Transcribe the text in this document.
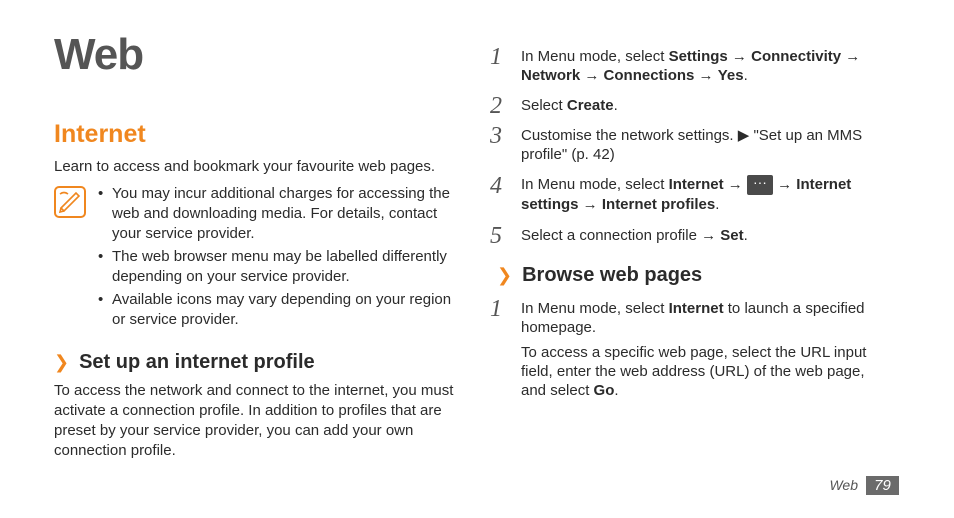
Web
Internet
Learn to access and bookmark your favourite web pages.
• You may incur additional charges for accessing the web and downloading media. For details, contact your service provider.
• The web browser menu may be labelled differently depending on your service provider.
• Available icons may vary depending on your region or service provider.
❯ Set up an internet profile
To access the network and connect to the internet, you must activate a connection profile. In addition to profiles that are preset by your service provider, you can add your own connection profile.
1 In Menu mode, select Settings → Connectivity → Network → Connections → Yes.
2 Select Create.
3 Customise the network settings. ▶ "Set up an MMS profile" (p. 42)
4 In Menu mode, select Internet → ··· → Internet settings → Internet profiles.
5 Select a connection profile → Set.
❯ Browse web pages
1 In Menu mode, select Internet to launch a specified homepage.
To access a specific web page, select the URL input field, enter the web address (URL) of the web page, and select Go.
Web	79
